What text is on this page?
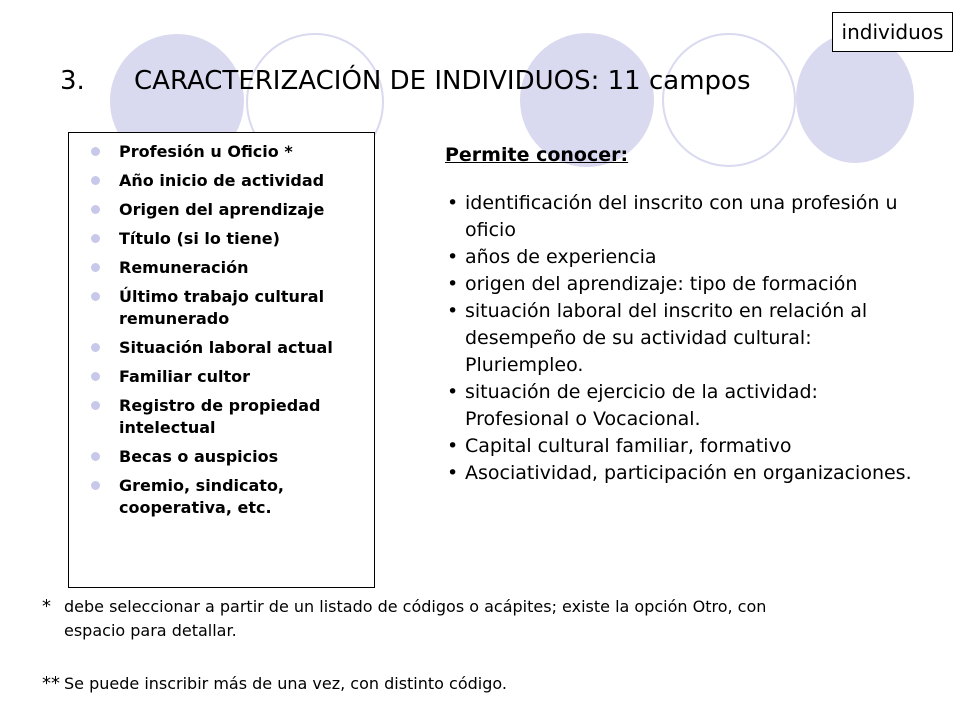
individuos
3. CARACTERIZACIÓN DE INDIVIDUOS: 11 campos
Profesión u Oficio *
Año inicio de actividad
Origen del aprendizaje
Título (si lo tiene)
Remuneración
Último trabajo cultural remunerado
Situación laboral actual
Familiar cultor
Registro de propiedad intelectual
Becas o auspicios
Gremio, sindicato, cooperativa, etc.
Permite conocer:
• identificación del inscrito con una profesión u oficio
• años de experiencia
• origen del aprendizaje: tipo de formación
• situación laboral del inscrito en relación al desempeño de su actividad cultural: Pluriempleo.
• situación de ejercicio de la actividad: Profesional o Vocacional.
• Capital cultural familiar, formativo
• Asociatividad, participación en organizaciones.
* debe seleccionar a partir de un listado de códigos o acápites; existe la opción Otro, con
espacio para detallar.
** Se puede inscribir más de una vez, con distinto código.
